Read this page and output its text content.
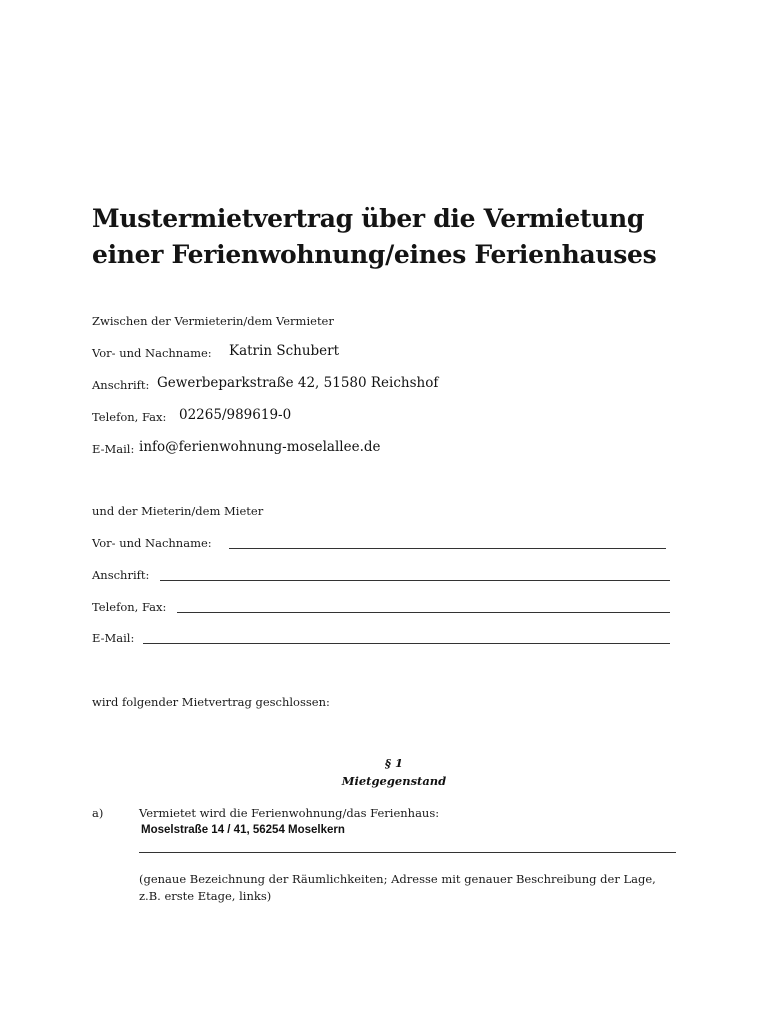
Mustermietvertrag über die Vermietung
einer Ferienwohnung/eines Ferienhauses
Zwischen der Vermieterin/dem Vermieter
Vor- und Nachname: Katrin Schubert
Anschrift: Gewerbeparkstraße 42, 51580 Reichshof
Telefon, Fax: 02265/989619-0
E-Mail: info@ferienwohnung-moselallee.de
und der Mieterin/dem Mieter
Vor- und Nachname:
Anschrift:
Telefon, Fax:
E-Mail:
wird folgender Mietvertrag geschlossen:
§ 1
Mietgegenstand
a)	Vermietet wird die Ferienwohnung/das Ferienhaus:
Moselstraße 14 / 41, 56254 Moselkern
(genaue Bezeichnung der Räumlichkeiten; Adresse mit genauer Beschreibung der Lage,
z.B. erste Etage, links)
